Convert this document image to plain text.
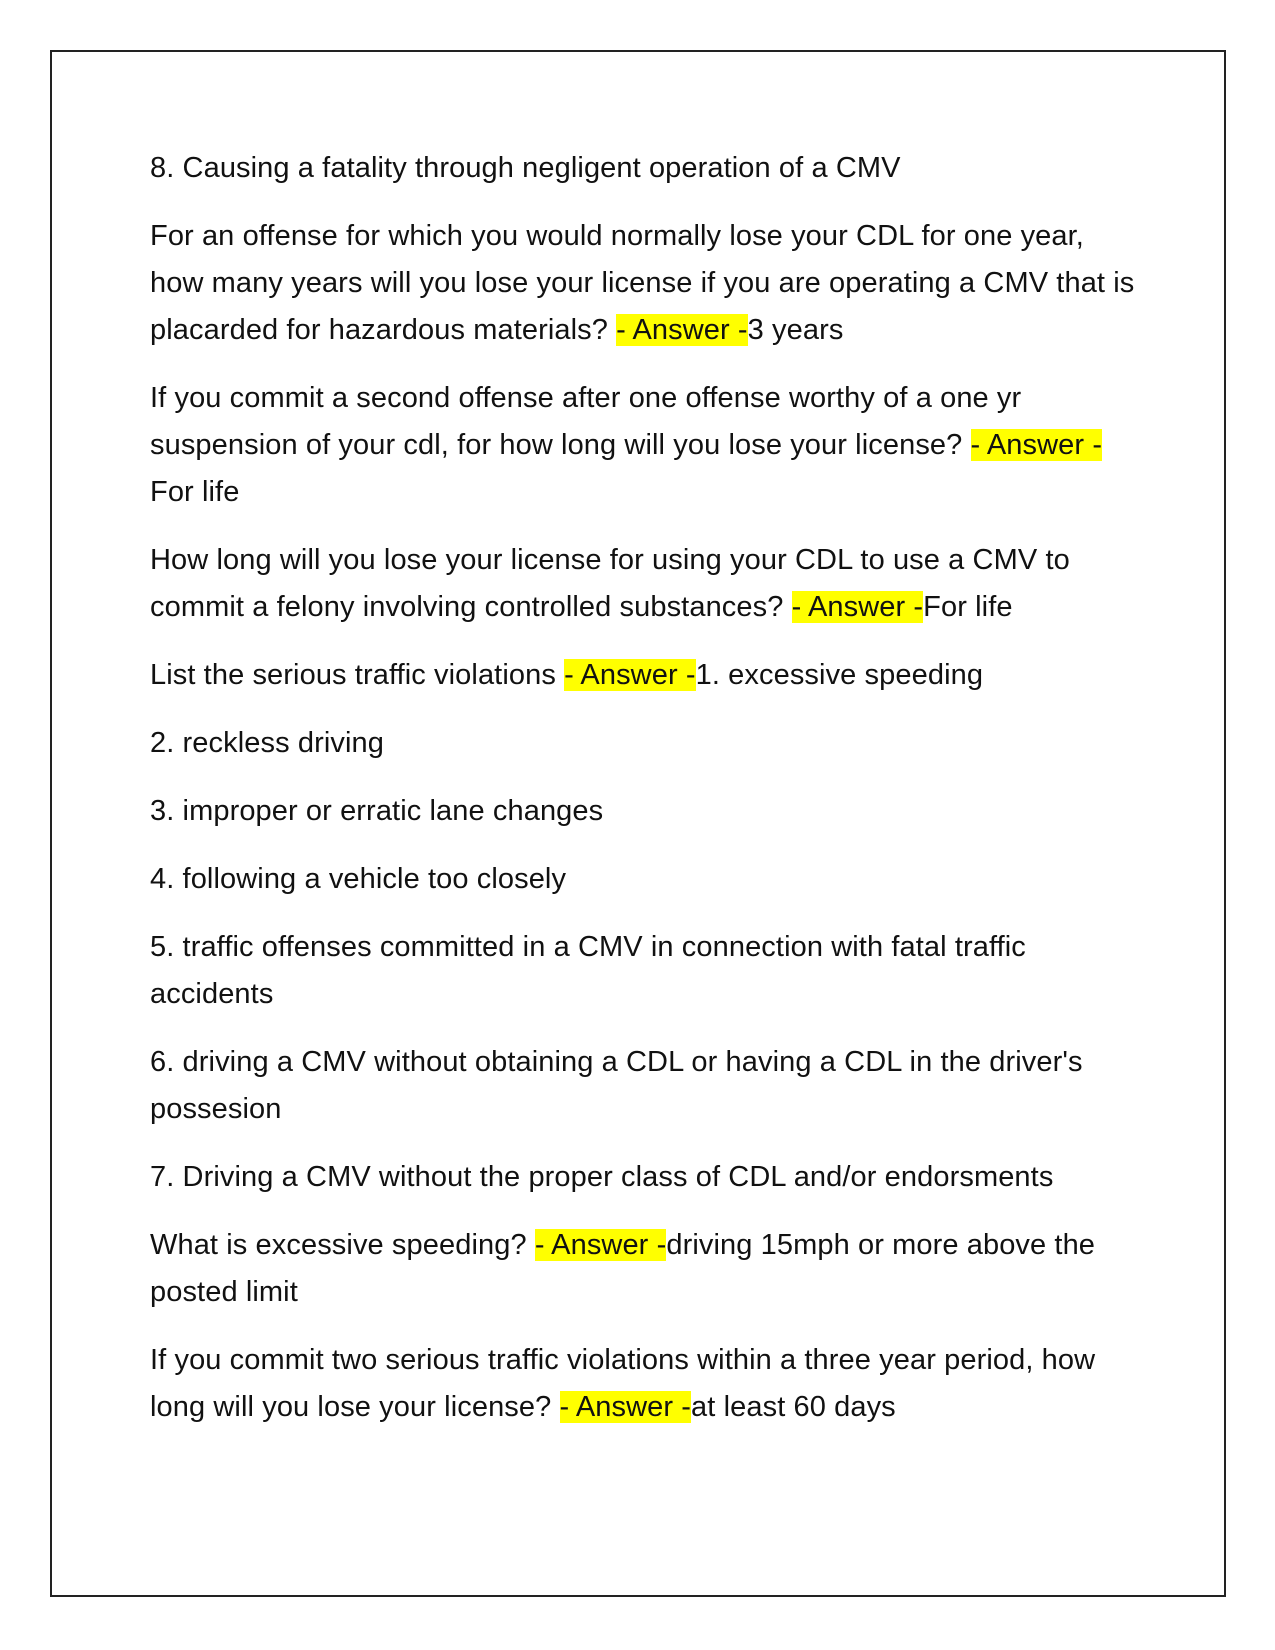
8. Causing a fatality through negligent operation of a CMV

For an offense for which you would normally lose your CDL for one year, how many years will you lose your license if you are operating a CMV that is placarded for hazardous materials? - Answer -3 years

If you commit a second offense after one offense worthy of a one yr suspension of your cdl, for how long will you lose your license? - Answer -For life

How long will you lose your license for using your CDL to use a CMV to commit a felony involving controlled substances? - Answer -For life

List the serious traffic violations - Answer -1. excessive speeding

2. reckless driving

3. improper or erratic lane changes

4. following a vehicle too closely

5. traffic offenses committed in a CMV in connection with fatal traffic accidents

6. driving a CMV without obtaining a CDL or having a CDL in the driver's possesion

7. Driving a CMV without the proper class of CDL and/or endorsments

What is excessive speeding? - Answer -driving 15mph or more above the posted limit

If you commit two serious traffic violations within a three year period, how long will you lose your license? - Answer -at least 60 days
